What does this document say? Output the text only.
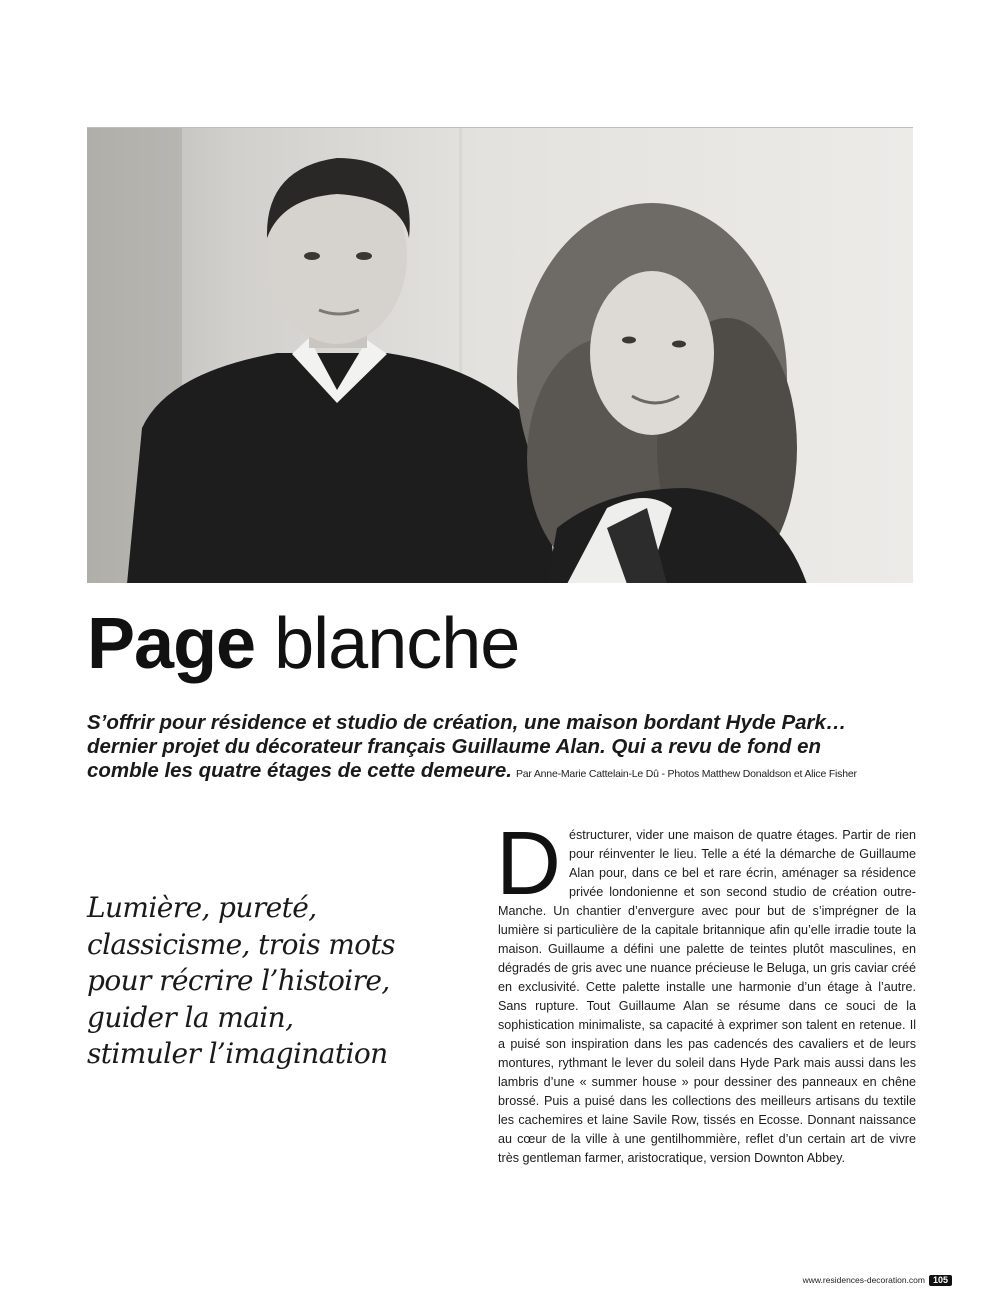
Page blanche
S’offrir pour résidence et studio de création, une maison bordant Hyde Park…
dernier projet du décorateur français Guillaume Alan. Qui a revu de fond en
comble les quatre étages de cette demeure. Par Anne-Marie Cattelain-Le Dû - Photos Matthew Donaldson et Alice Fisher
Lumière, pureté,
classicisme, trois mots
pour récrire l’histoire,
guider la main,
stimuler l’imagination
Déstructurer, vider une maison de quatre étages. Partir de rien pour réinventer le lieu. Telle a été la démarche de Guillaume Alan pour, dans ce bel et rare écrin, aménager sa résidence privée londonienne et son second studio de création outre-Manche. Un chantier d’envergure avec pour but de s’imprégner de la lumière si particulière de la capitale britannique afin qu’elle irradie toute la maison. Guillaume a défini une palette de teintes plutôt masculines, en dégradés de gris avec une nuance précieuse le Beluga, un gris caviar créé en exclusivité. Cette palette installe une harmonie d’un étage à l’autre. Sans rupture. Tout Guillaume Alan se résume dans ce souci de la sophistication minimaliste, sa capacité à exprimer son talent en retenue. Il a puisé son inspiration dans les pas cadencés des cavaliers et de leurs montures, rythmant le lever du soleil dans Hyde Park mais aussi dans les lambris d’une « summer house » pour dessiner des panneaux en chêne brossé. Puis a puisé dans les collections des meilleurs artisans du textile les cachemires et laine Savile Row, tissés en Ecosse. Donnant naissance au cœur de la ville à une gentilhommière, reflet d’un certain art de vivre très gentleman farmer, aristocratique, version Downton Abbey.
www.residences-decoration.com 105
